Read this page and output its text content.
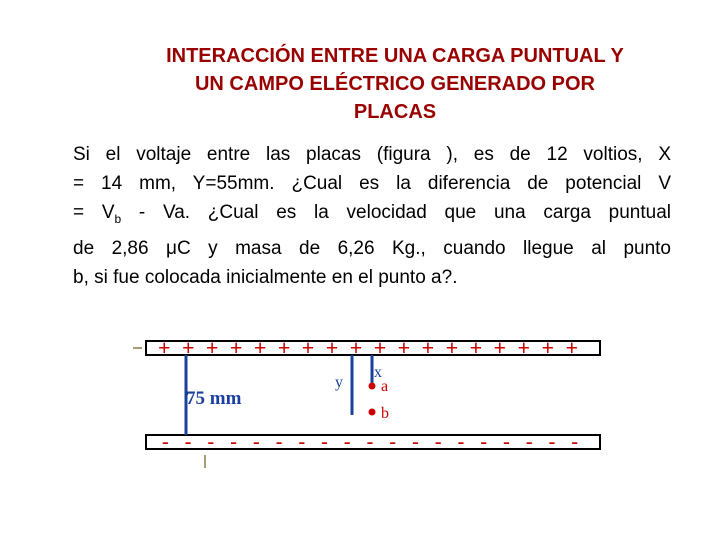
INTERACCIÓN ENTRE UNA CARGA PUNTUAL Y
UN CAMPO ELÉCTRICO GENERADO POR
PLACAS
Si el voltaje entre las placas (figura ), es de 12 voltios, X
= 14 mm, Y=55mm. ¿Cual es la diferencia de potencial V
= $V_b$ - Va. ¿Cual es la velocidad que una carga puntual
de 2,86 μC y masa de 6,26 Kg., cuando llegue al punto
b, si fue colocada inicialmente en el punto a?.
+ + + + + + + + + + + + + + + + + +
- - - - - - - - - - - - - - - - - - -
75 mm
y
x
a
b
